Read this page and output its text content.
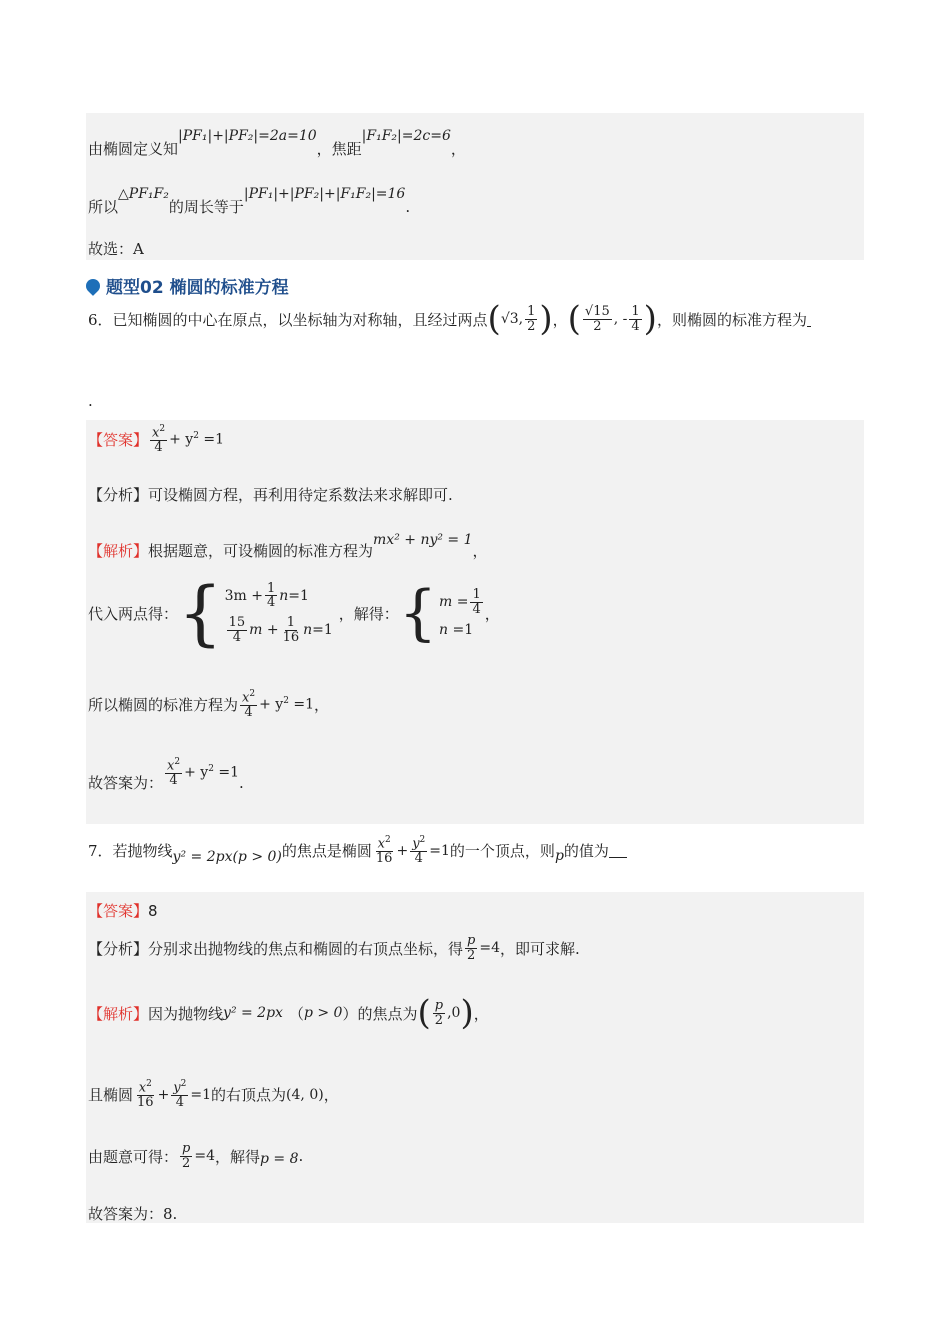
由椭圆定义知
|PF₁|+|PF₂|=2a=10
，焦距
|F₁F₂|=2c=6
，
所以
△PF₁F₂
的周长等于
|PF₁|+|PF₂|+|F₁F₂|=16
.
故选：A
题型02 椭圆的标准方程
6．已知椭圆的中心在原点，以坐标轴为对称轴，且经过两点 ( √3, $\frac{1}{2}$ ) ， ( $\frac{√15}{2}$ , - $\frac{1}{4}$ ) ，则椭圆的标准方程为
.
【答案】 $\frac{x^2}{4} + y^2 =1$
【分析】 可设椭圆方程，再利用待定系数法来求解即可.
【解析】 根据题意，可设椭圆的标准方程为
mx² + ny² = 1
，
代入两点得： { $3m + \frac{1}{4}$ n =1
$\frac{15}{4}$ $m + \frac{1}{16}$ n =1
，解得： { $m = \frac{1}{4}$
n =1
，
所以椭圆的标准方程为 $\frac{x^2}{4} + y^2 =1$ ，
故答案为： $\frac{x^2}{4} + y^2 =1$
.
7．若抛物线 y² = 2px(p > 0) 的焦点是椭圆 $\frac{x^2}{16} + \frac{y^2}{4} =1$ 的一个顶点，则 p 的值为
【答案】 8
【分析】 分别求出抛物线的焦点和椭圆的右顶点坐标，得 $\frac{p}{2} =4$ ，即可求解.
【解析】 因为抛物线 y² = 2px （ p > 0 ）的焦点为 ( $\frac{p}{2} ,0$ ) ，
且椭圆 $\frac{x^2}{16} + \frac{y^2}{4} =1$ 的右顶点为 (4, 0) ，
由题意可得： $\frac{p}{2} =4$ ，解得 p = 8 .
故答案为：8.
